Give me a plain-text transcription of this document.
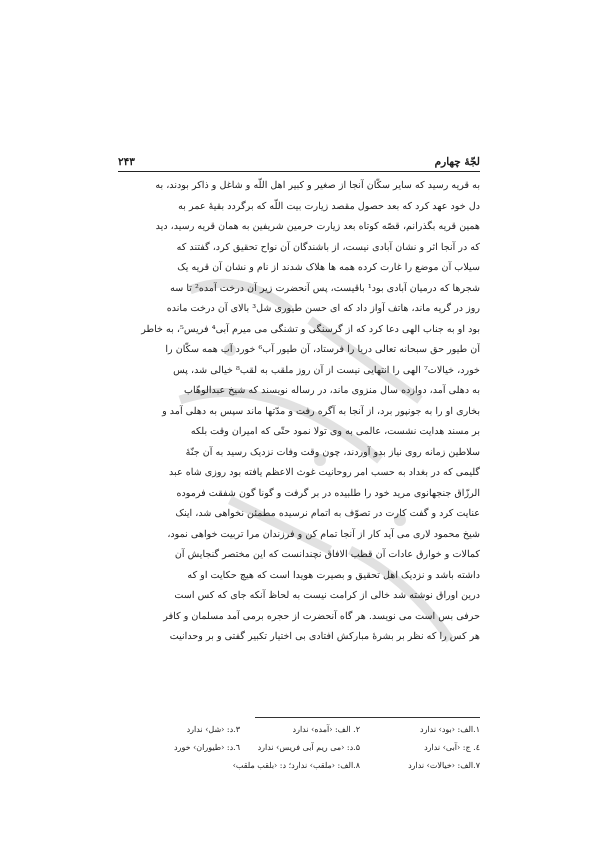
لجّهٔ چهارم
۲۴۳
به قریه رسید که سایر سکّان آنجا از صغیر و کبیر اهل اللّه و شاغل و ذاکر بودند، به
دل خود عهد کرد که بعد حصول مقصد زیارت بیت اللّه که برگردد بقیهٔ عمر به
همین قریه بگذرانم، قصّه کوتاه بعد زیارت حرمین شریفین به همان قریه رسید، دید
که در آنجا اثر و نشان آبادی نیست، از باشندگان آن نواح تحقیق کرد، گفتند که
سیلاب آن موضع را غارت کرده همه ها هلاک شدند از نام و نشان آن قریه یک
شجرها که درمیان آبادی بود¹ باقیست، پس آنحضرت زیر آن درخت آمده² تا سه
روز در گریه ماند، هاتف آواز داد که ای حسن طیوری شل³ بالای آن درخت مانده
بود او به جناب الهی دعا کرد که از گرسنگی و تشنگی می میرم آبی⁴ فریس⁵، به خاطر
آن طیور حق سبحانه تعالی دریا را فرستاد، آن طیور آب⁶ خورد آب همه سکّان را
خورد، خیالات⁷ الهی را انتهایی نیست از آن روز ملقب به لقب⁸ خیالی شد، پس
به دهلی آمد، دوازده سال منزوی ماند، در رساله نویسند که شیخ عبدالوهّاب
بخاری او را به جونپور برد، از آنجا به آگره رفت و مدّتها ماند سپس به دهلی آمد و
بر مسند هدایت نشست، عالمی به وی تولا نمود حتّی که امیران وقت بلکه
سلاطین زمانه روی نیاز بدو آوردند، چون وقت وفات نزدیک رسید به آن جنّهٔ
گلیمی که در بغداد به حسب امر روحانیت غوث الاعظم یافته بود روزی شاه عبد
الرزّاق جنجهانوی مرید خود را طلبیده در بر گرفت و گونا گون شفقت فرموده
عنایت کرد و گفت کارت در تصوّف به اتمام نرسیده مطمئن نخواهی شد، اینک
شیخ محمود لاری می آید کار از آنجا تمام کن و فرزندان مرا تربیت خواهی نمود،
کمالات و خوارق عادات آن قطب الافاق نچندانست که این مختصر گنجایش آن
داشته باشد و نزدیک اهل تحقیق و بصیرت هویدا است که هیچ حکایت او که
درین اوراق نوشته شد خالی از کرامت نیست به لحاظ آنکه جای که کس است
حرفی بس است می نویسد. هر گاه آنحضرت از حجره برمی آمد مسلمان و کافر
هر کس را که نظر بر بشرهٔ مبارکش افتادی بی اختیار تکبیر گفتی و بر وحدانیت
۱.الف: ‹بود› ندارد
۲. الف: ‹آمده› ندارد
۳.د: ‹شل› ندارد
٤. ج: ‹آبی› ندارد
۵.د: ‹می ریم آبی فریس› ندارد
٦.د: ‹طیوران› خورد
۷.الف: ‹خیالات› ندارد
۸.الف: ‹ملقب› ندارد؛ د: ‹بلقب ملقب›
